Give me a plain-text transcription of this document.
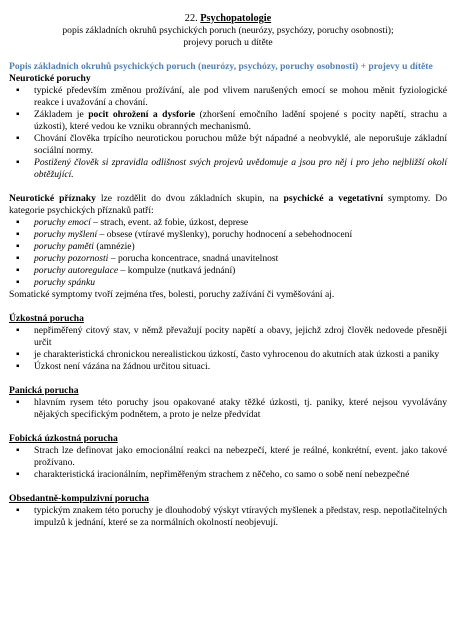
22. Psychopatologie
popis základních okruhů psychických poruch (neurózy, psychózy, poruchy osobnosti);
projevy poruch u dítěte
Popis základních okruhů psychických poruch (neurózy, psychózy, poruchy osobnosti) + projevy u dítěte
Neurotické poruchy
▪ typické především změnou prožívání, ale pod vlivem narušených emocí se mohou měnit fyziologické reakce i uvažování a chování.
▪ Základem je pocit ohrožení a dysforie (zhoršení emočního ladění spojené s pocity napětí, strachu a úzkosti), které vedou ke vzniku obranných mechanismů.
▪ Chování člověka trpícího neurotickou poruchou může být nápadné a neobvyklé, ale neporušuje základní sociální normy.
▪ Postižený člověk si zpravidla odlišnost svých projevů uvědomuje a jsou pro něj i pro jeho nejbližší okolí obtěžující.

Neurotické příznaky lze rozdělit do dvou základních skupin, na psychické a vegetativní symptomy. Do kategorie psychických příznaků patří:

▪ poruchy emocí – strach, event. až fobie, úzkost, deprese
▪ poruchy myšlení – obsese (vtíravé myšlenky), poruchy hodnocení a sebehodnocení
▪ poruchy paměti (amnézie)
▪ poruchy pozornosti – porucha koncentrace, snadná unavitelnost
▪ poruchy autoregulace – kompulze (nutkavá jednání)
▪ poruchy spánku

Somatické symptomy tvoří zejména třes, bolesti, poruchy zažívání či vyměšování aj.

Úzkostná porucha
▪ nepřiměřený citový stav, v němž převažují pocity napětí a obavy, jejichž zdroj člověk nedovede přesněji určit
▪ je charakteristická chronickou nerealistickou úzkostí, často vyhrocenou do akutních atak úzkosti a paniky
▪ Úzkost není vázána na žádnou určitou situaci.
Panická porucha
▪ hlavním rysem této poruchy jsou opakované ataky těžké úzkosti, tj. paniky, které nejsou vyvolávány nějakých specifickým podnětem, a proto je nelze předvídat
Fobická úzkostná porucha
▪ Strach lze definovat jako emocionální reakci na nebezpečí, které je reálné, konkrétní, event. jako takové prožívano.
▪ charakteristická iracionálním, nepřiměřeným strachem z něčeho, co samo o sobě není nebezpečné
Obsedantně-kompulzivní porucha
▪ typickým znakem této poruchy je dlouhodobý výskyt vtíravých myšlenek a představ, resp. nepotlačitelných impulzů k jednání, které se za normálních okolností neobjevují.
